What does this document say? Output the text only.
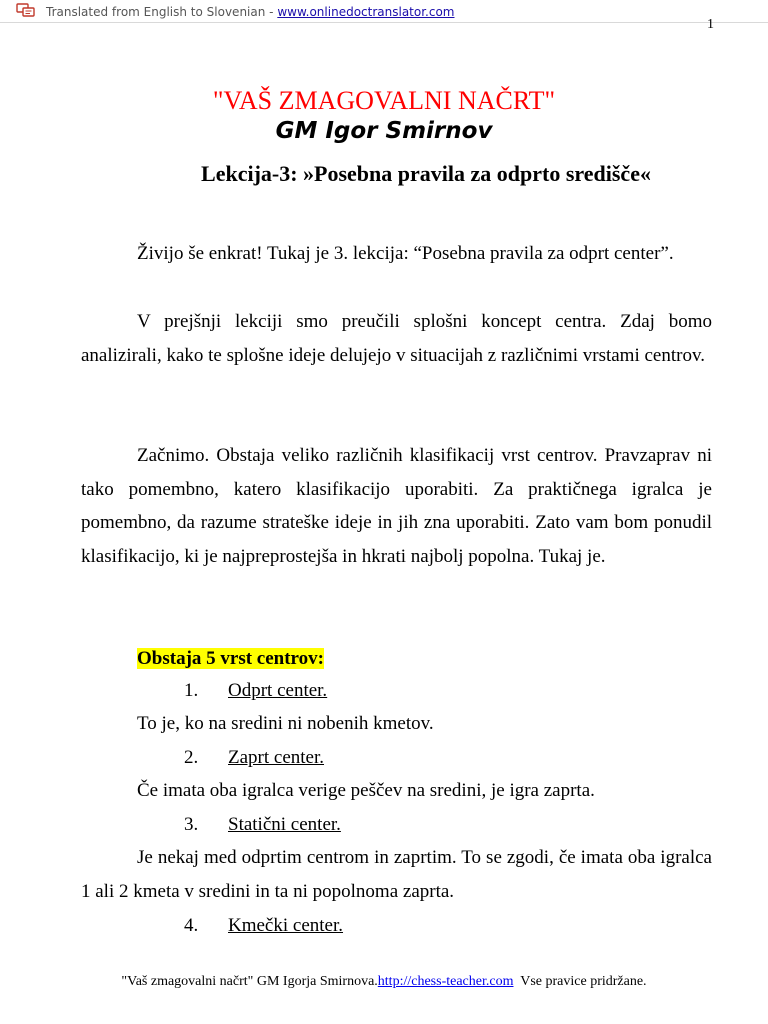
Translated from English to Slovenian - www.onlinedoctranslator.com
1
"VAŠ ZMAGOVALNI NAČRT"
GM Igor Smirnov
Lekcija-3: »Posebna pravila za odprto središče«

Živijo še enkrat! Tukaj je 3. lekcija: “Posebna pravila za odprt center”.

V prejšnji lekciji smo preučili splošni koncept centra. Zdaj bomo analizirali, kako te splošne ideje delujejo v situacijah z različnimi vrstami centrov.

Začnimo. Obstaja veliko različnih klasifikacij vrst centrov. Pravzaprav ni tako pomembno, katero klasifikacijo uporabiti. Za praktičnega igralca je pomembno, da razume strateške ideje in jih zna uporabiti. Zato vam bom ponudil klasifikacijo, ki je najpreprostejša in hkrati najbolj popolna. Tukaj je.

Obstaja 5 vrst centrov:

1. Odprt center.

To je, ko na sredini ni nobenih kmetov.

2. Zaprt center.

Če imata oba igralca verige peščev na sredini, je igra zaprta.

3. Statični center.

Je nekaj med odprtim centrom in zaprtim. To se zgodi, če imata oba igralca 1 ali 2 kmeta v sredini in ta ni popolnoma zaprta.

4. Kmečki center.
"Vaš zmagovalni načrt" GM Igorja Smirnova.http://chess-teacher.com  Vse pravice pridržane.
